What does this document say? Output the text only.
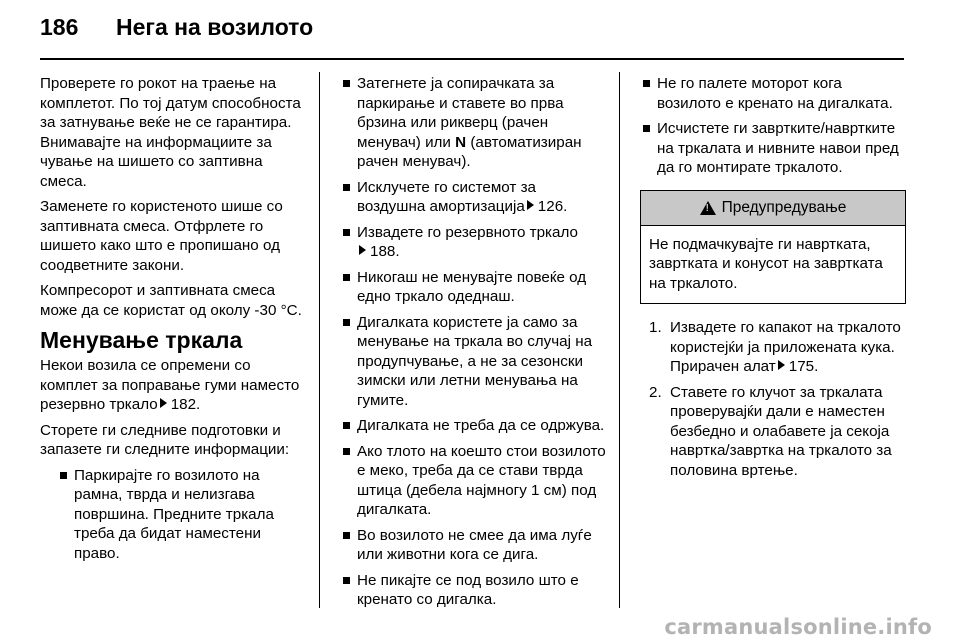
186	Нега на возилото

Проверете го рокот на траење на комплетот. По тој датум способноста за затнување веќе не се гарантира. Внимавајте на информациите за чување на шишето со заптивна смеса.

Заменете го користеното шише со заптивната смеса. Отфрлете го шишето како што е пропишано од соодветните закони.

Компресорот и заптивната смеса може да се користат од околу -30 °C.

Менување тркала

Некои возила се опремени со комплет за поправање гуми наместо резервно тркало 182.

Сторете ги следниве подготовки и запазете ги следните информации:

Паркирајте го возилото на рамна, тврда и нелизгава површина. Предните тркала треба да бидат наместени право.
Затегнете ја сопирачката за паркирање и ставете во прва брзина или рикверц (рачен менувач) или N (автоматизиран рачен менувач).
Исклучете го системот за воздушна амортизација 126.
Извадете го резервното тркало
188.
Никогаш не менувајте повеќе од едно тркало одеднаш.
Дигалката користете ја само за менување на тркала во случај на продупчување, а не за сезонски зимски или летни менувања на гумите.
Дигалката не треба да се одржува.
Ако тлото на коешто стои возилото е меко, треба да се стави тврда штица (дебела најмногу 1 см) под дигалката.
Во возилото не смее да има луѓе или животни кога се дига.
Не пикајте се под возило што е кренато со дигалка.
Не го палете моторот кога возилото е кренато на дигалката.
Исчистете ги завртките/навртките на тркалата и нивните навои пред да го монтирате тркалото.
!
Предупредување
Не подмачкувајте ги навртката, завртката и конусот на завртката на тркалото.
1. Извадете го капакот на тркалото користејќи ја приложената кука. Прирачен алат 175.
2. Ставете го клучот за тркалата проверувајќи дали е наместен безбедно и олабавете ја секоја навртка/завртка на тркалото за половина вртење.
carmanualsonline.info
